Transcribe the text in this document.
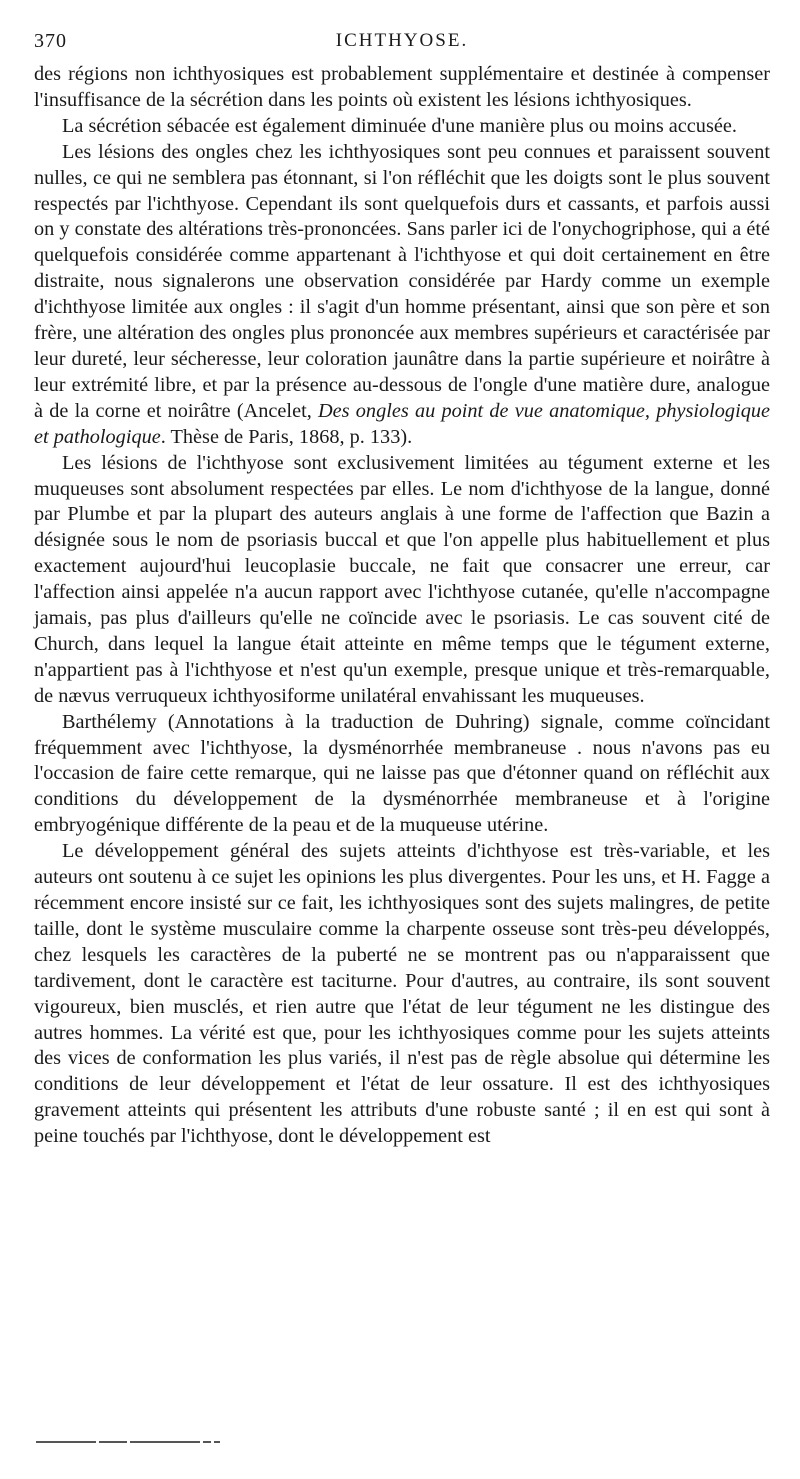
370	ICHTHYOSE.

des régions non ichthyosiques est probablement supplémentaire et destinée à compenser l'insuffisance de la sécrétion dans les points où existent les lésions ichthyosiques.

La sécrétion sébacée est également diminuée d'une manière plus ou moins accusée.

Les lésions des ongles chez les ichthyosiques sont peu connues et paraissent souvent nulles, ce qui ne semblera pas étonnant, si l'on réfléchit que les doigts sont le plus souvent respectés par l'ichthyose. Cependant ils sont quelquefois durs et cassants, et parfois aussi on y constate des altérations très-prononcées. Sans parler ici de l'onychogriphose, qui a été quelquefois considérée comme appartenant à l'ichthyose et qui doit certainement en être distraite, nous signalerons une observation considérée par Hardy comme un exemple d'ichthyose limitée aux ongles : il s'agit d'un homme présentant, ainsi que son père et son frère, une altération des ongles plus prononcée aux membres supérieurs et caractérisée par leur dureté, leur sécheresse, leur coloration jaunâtre dans la partie supérieure et noirâtre à leur extrémité libre, et par la présence au-dessous de l'ongle d'une matière dure, analogue à de la corne et noirâtre (Ancelet, Des ongles au point de vue anatomique, physiologique et pathologique. Thèse de Paris, 1868, p. 133).

Les lésions de l'ichthyose sont exclusivement limitées au tégument externe et les muqueuses sont absolument respectées par elles. Le nom d'ichthyose de la langue, donné par Plumbe et par la plupart des auteurs anglais à une forme de l'affection que Bazin a désignée sous le nom de psoriasis buccal et que l'on appelle plus habituellement et plus exactement aujourd'hui leucoplasie buccale, ne fait que consacrer une erreur, car l'affection ainsi appelée n'a aucun rapport avec l'ichthyose cutanée, qu'elle n'accompagne jamais, pas plus d'ailleurs qu'elle ne coïncide avec le psoriasis. Le cas souvent cité de Church, dans lequel la langue était atteinte en même temps que le tégument externe, n'appartient pas à l'ichthyose et n'est qu'un exemple, presque unique et très-remarquable, de nævus verruqueux ichthyosiforme unilatéral envahissant les muqueuses.

Barthélemy (Annotations à la traduction de Duhring) signale, comme coïncidant fréquemment avec l'ichthyose, la dysménorrhée membraneuse . nous n'avons pas eu l'occasion de faire cette remarque, qui ne laisse pas que d'étonner quand on réfléchit aux conditions du développement de la dysménorrhée membraneuse et à l'origine embryogénique différente de la peau et de la muqueuse utérine.

Le développement général des sujets atteints d'ichthyose est très-variable, et les auteurs ont soutenu à ce sujet les opinions les plus divergentes. Pour les uns, et H. Fagge a récemment encore insisté sur ce fait, les ichthyosiques sont des sujets malingres, de petite taille, dont le système musculaire comme la charpente osseuse sont très-peu développés, chez lesquels les caractères de la puberté ne se montrent pas ou n'apparaissent que tardivement, dont le caractère est taciturne. Pour d'autres, au contraire, ils sont souvent vigoureux, bien musclés, et rien autre que l'état de leur tégument ne les distingue des autres hommes. La vérité est que, pour les ichthyosiques comme pour les sujets atteints des vices de conformation les plus variés, il n'est pas de règle absolue qui détermine les conditions de leur développement et l'état de leur ossature. Il est des ichthyosiques gravement atteints qui présentent les attributs d'une robuste santé ; il en est qui sont à peine touchés par l'ichthyose, dont le développement est
